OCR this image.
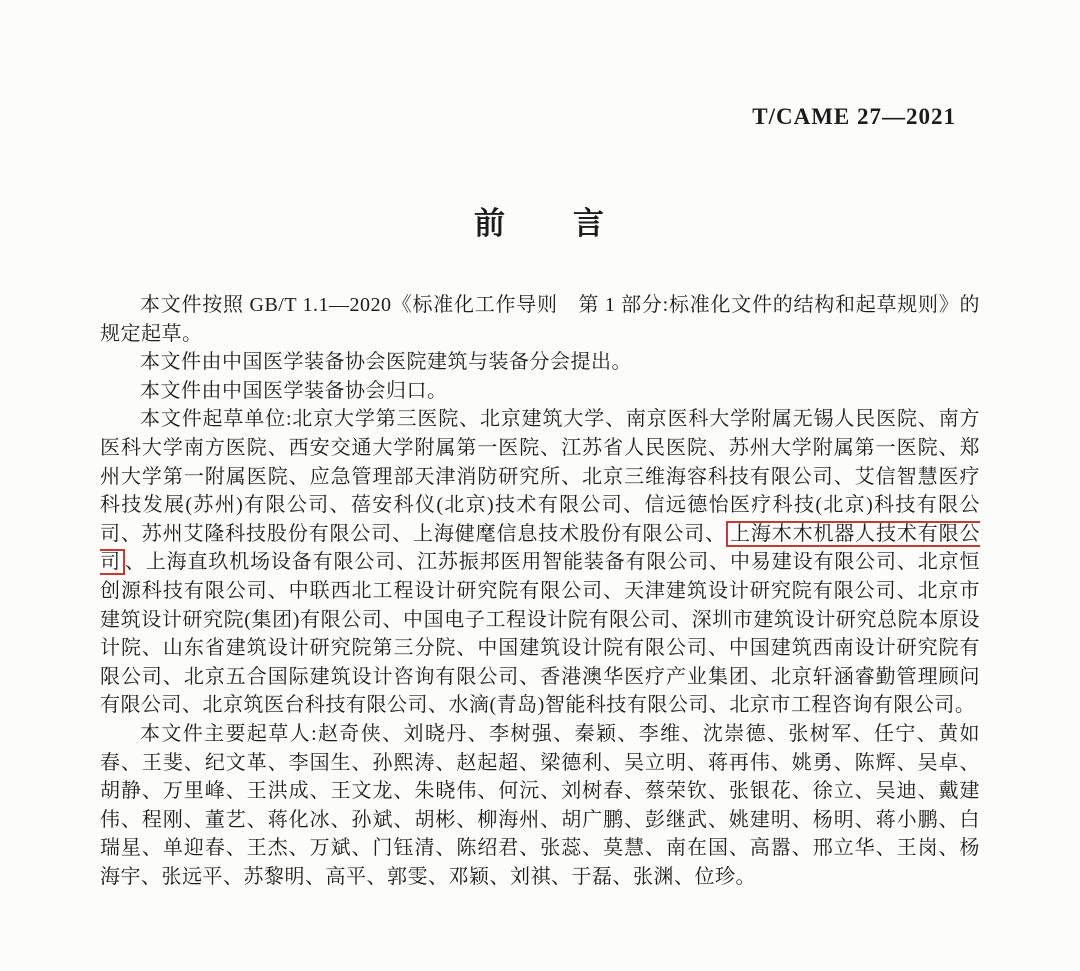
T/CAME 27—2021
前　　言

本文件按照 GB/T 1.1—2020《标准化工作导则　第 1 部分:标准化文件的结构和起草规则》的规定起草。

本文件由中国医学装备协会医院建筑与装备分会提出。

本文件由中国医学装备协会归口。

本文件起草单位:北京大学第三医院、北京建筑大学、南京医科大学附属无锡人民医院、南方医科大学南方医院、西安交通大学附属第一医院、江苏省人民医院、苏州大学附属第一医院、郑州大学第一附属医院、应急管理部天津消防研究所、北京三维海容科技有限公司、艾信智慧医疗科技发展(苏州)有限公司、蓓安科仪(北京)技术有限公司、信远德怡医疗科技(北京)科技有限公司、苏州艾隆科技股份有限公司、上海健麾信息技术股份有限公司、 上海木木机器人技术有限公司 、上海直玖机场设备有限公司、江苏振邦医用智能装备有限公司、中易建设有限公司、北京恒创源科技有限公司、中联西北工程设计研究院有限公司、天津建筑设计研究院有限公司、北京市建筑设计研究院(集团)有限公司、中国电子工程设计院有限公司、深圳市建筑设计研究总院本原设计院、山东省建筑设计研究院第三分院、中国建筑设计院有限公司、中国建筑西南设计研究院有限公司、北京五合国际建筑设计咨询有限公司、香港澳华医疗产业集团、北京轩涵睿勤管理顾问有限公司、北京筑医台科技有限公司、水滴(青岛)智能科技有限公司、北京市工程咨询有限公司。

本文件主要起草人:赵奇侠、刘晓丹、李树强、秦颖、李维、沈崇德、张树军、任宁、黄如春、王斐、纪文革、李国生、孙熙涛、赵起超、梁德利、吴立明、蒋再伟、姚勇、陈辉、吴卓、胡静、万里峰、王洪成、王文龙、朱晓伟、何沅、刘树春、蔡荣钦、张银花、徐立、吴迪、戴建伟、程刚、董艺、蒋化冰、孙斌、胡彬、柳海州、胡广鹏、彭继武、姚建明、杨明、蒋小鹏、白瑞星、单迎春、王杰、万斌、门钰清、陈绍君、张蕊、莫慧、南在国、高嚣、邢立华、王岗、杨海宇、张远平、苏黎明、高平、郭雯、邓颖、刘祺、于磊、张渊、位珍。
